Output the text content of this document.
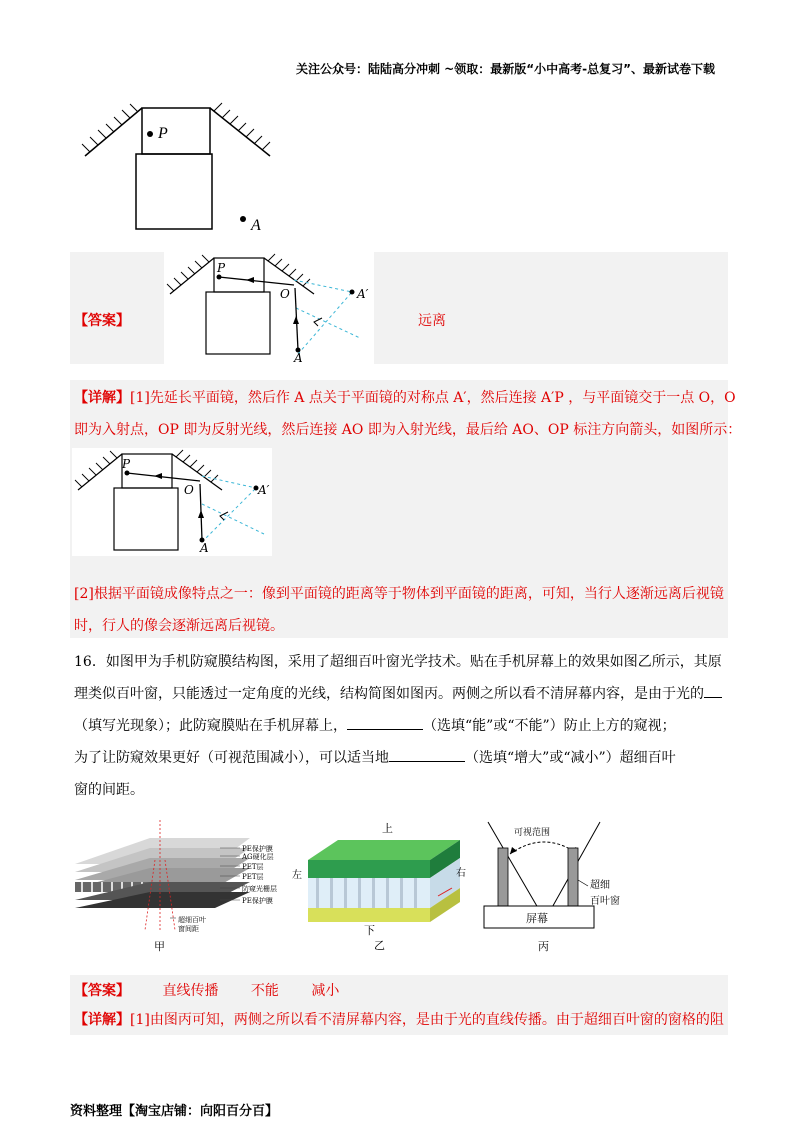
关注公众号：陆陆高分冲刺 ~领取：最新版“小中高考-总复习”、最新试卷下载
P
A
【答案】
P
O
A
A′
远离
【详解】[1]先延长平面镜，然后作 A 点关于平面镜的对称点 A′，然后连接 A′P ，与平面镜交于一点 O，O
即为入射点，OP 即为反射光线，然后连接 AO 即为入射光线，最后给 AO、OP 标注方向箭头，如图所示：
P
O
A
A′
[2]根据平面镜成像特点之一：像到平面镜的距离等于物体到平面镜的距离，可知，当行人逐渐远离后视镜
时，行人的像会逐渐远离后视镜。
16．如图甲为手机防窥膜结构图，采用了超细百叶窗光学技术。贴在手机屏幕上的效果如图乙所示，其原
理类似百叶窗，只能透过一定角度的光线，结构简图如图丙。两侧之所以看不清屏幕内容，是由于光的
（填写光现象）；此防窥膜贴在手机屏幕上，	（选填“能”或“不能”）防止上方的窥视；
为了让防窥效果更好（可视范围减小），可以适当地	（选填“增大”或“减小”）超细百叶
窗的间距。
PE保护膜
AG硬化层
PET层
PET层
防窥光栅层
PE保护膜
超细百叶
窗间距
甲
上
左	右
下
乙
可视范围
屏幕
超细
百叶窗
丙
【答案】 直线传播 不能 减小
【详解】[1]由图丙可知，两侧之所以看不清屏幕内容，是由于光的直线传播。由于超细百叶窗的窗格的阻
资料整理【淘宝店铺：向阳百分百】
